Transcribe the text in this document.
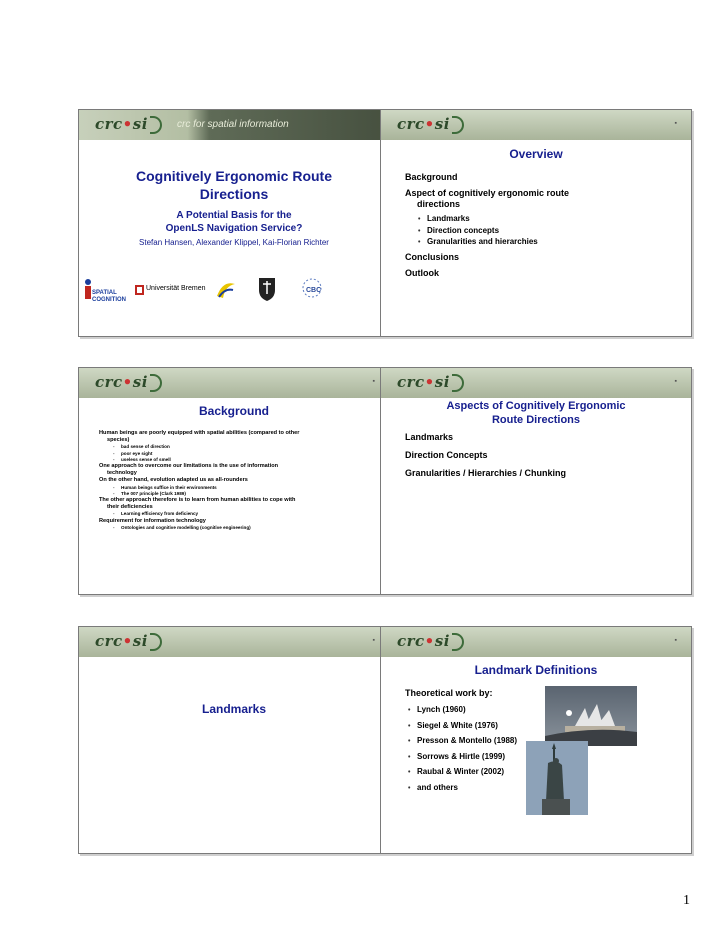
crc•si	crc for spatial information
Cognitively Ergonomic Route
Directions
A Potential Basis for the
OpenLS Navigation Service?
Stefan Hansen, Alexander Klippel, Kai-Florian Richter
SPATIAL
COGNITION
Universität Bremen	CBC
crc•si	▪
Overview
Background
Aspect of cognitively ergonomic route
directions
• Landmarks
• Direction concepts
• Granularities and hierarchies
Conclusions
Outlook
crc•si	▪
Background
Human beings are poorly equipped with spatial abilities (compared to other
species)
- bad sense of direction
- poor eye sight
- useless sense of smell
One approach to overcome our limitations is the use of information
technology
On the other hand, evolution adapted us as all-rounders
- Human beings suffice in their environments
- The 007 principle (Clark 1989)
The other approach therefore is to learn from human abilities to cope with
their deficiencies
- Learning efficiency from deficiency
Requirement for information technology
- Ontologies and cognitive modelling (cognitive engineering)
crc•si	▪
Aspects of Cognitively Ergonomic
Route Directions
Landmarks
Direction Concepts
Granularities / Hierarchies / Chunking
crc•si	▪
Landmarks
crc•si	▪
Landmark Definitions
Theoretical work by:
• Lynch (1960)
• Siegel & White (1976)
• Presson & Montello (1988)
• Sorrows & Hirtle (1999)
• Raubal & Winter (2002)
• and others
1
